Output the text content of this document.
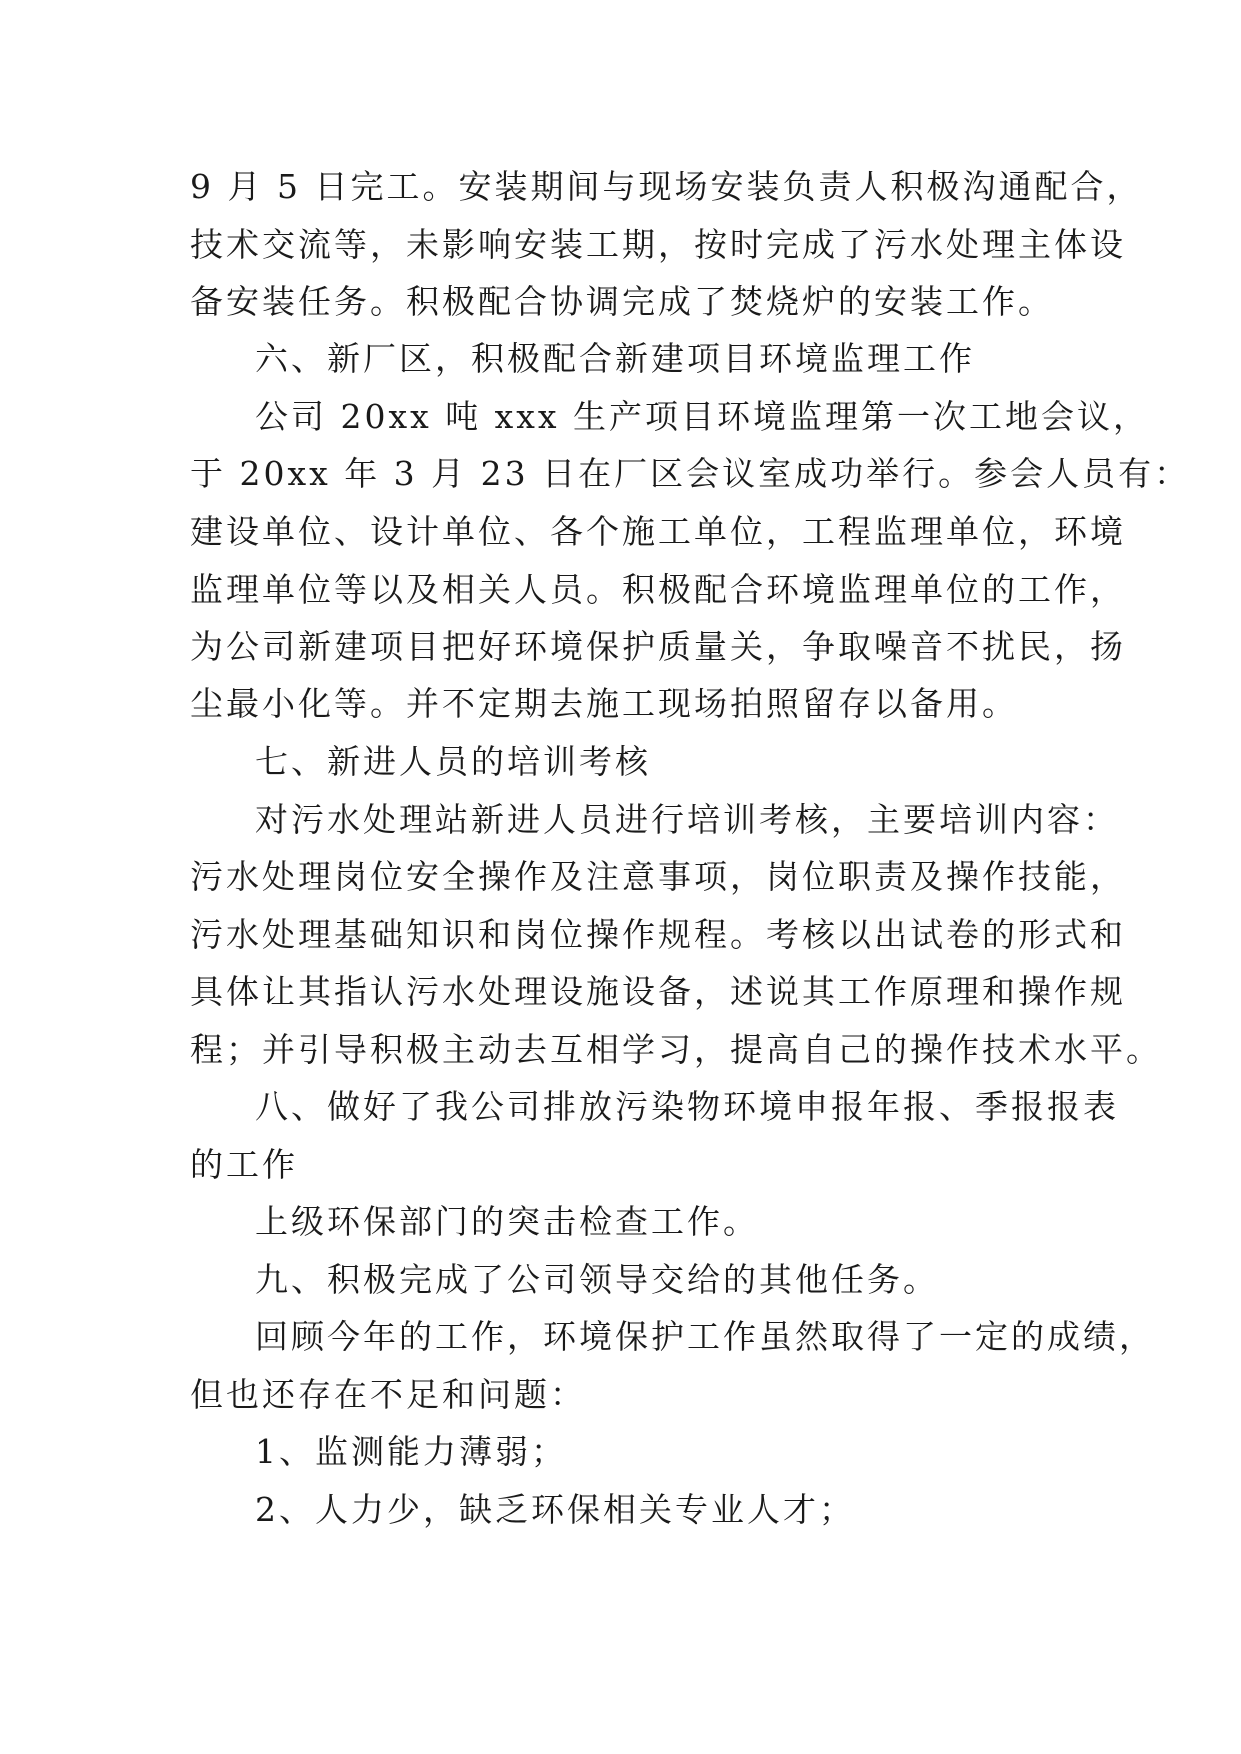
9 月 5 日完工。安装期间与现场安装负责人积极沟通配合，
技术交流等，未影响安装工期，按时完成了污水处理主体设
备安装任务。积极配合协调完成了焚烧炉的安装工作。
六、新厂区，积极配合新建项目环境监理工作
公司 20xx 吨 xxx 生产项目环境监理第一次工地会议，
于 20xx 年 3 月 23 日在厂区会议室成功举行。参会人员有：
建设单位、设计单位、各个施工单位，工程监理单位，环境
监理单位等以及相关人员。积极配合环境监理单位的工作，
为公司新建项目把好环境保护质量关，争取噪音不扰民，扬
尘最小化等。并不定期去施工现场拍照留存以备用。
七、新进人员的培训考核
对污水处理站新进人员进行培训考核，主要培训内容：
污水处理岗位安全操作及注意事项，岗位职责及操作技能，
污水处理基础知识和岗位操作规程。考核以出试卷的形式和
具体让其指认污水处理设施设备，述说其工作原理和操作规
程；并引导积极主动去互相学习，提高自己的操作技术水平。
八、做好了我公司排放污染物环境申报年报、季报报表
的工作
上级环保部门的突击检查工作。
九、积极完成了公司领导交给的其他任务。
回顾今年的工作，环境保护工作虽然取得了一定的成绩，
但也还存在不足和问题：
1、监测能力薄弱；
2、人力少，缺乏环保相关专业人才；
